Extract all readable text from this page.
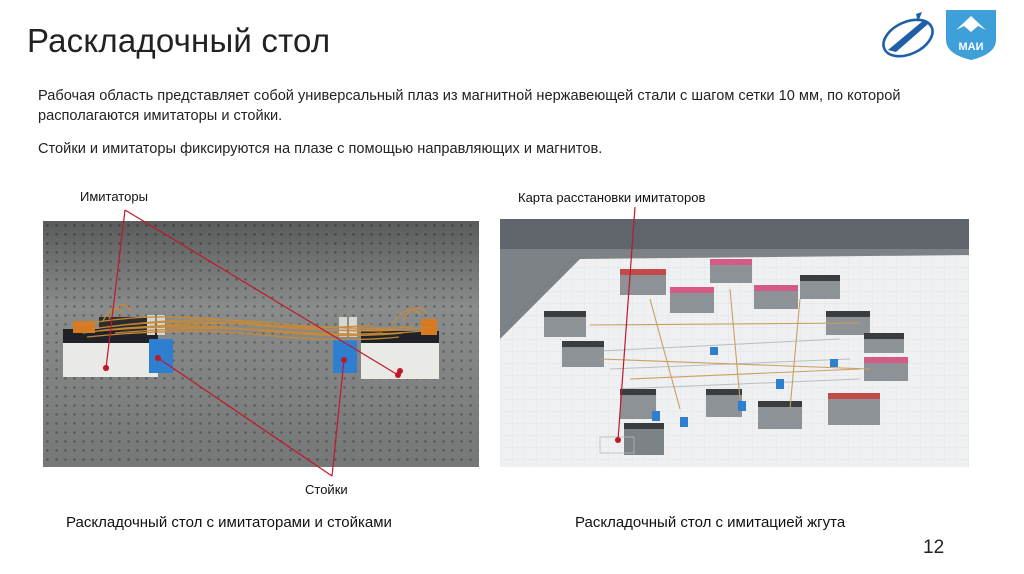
Раскладочный стол	МАИ
Рабочая область представляет собой универсальный плаз из магнитной нержавеющей стали с шагом сетки 10 мм, по которой располагаются имитаторы и стойки.
Стойки и имитаторы фиксируются на плазе с помощью направляющих и магнитов.
Имитаторы	Карта расстановки имитаторов
Стойки
Раскладочный стол с имитаторами и стойками	Раскладочный стол с имитацией жгута
12
